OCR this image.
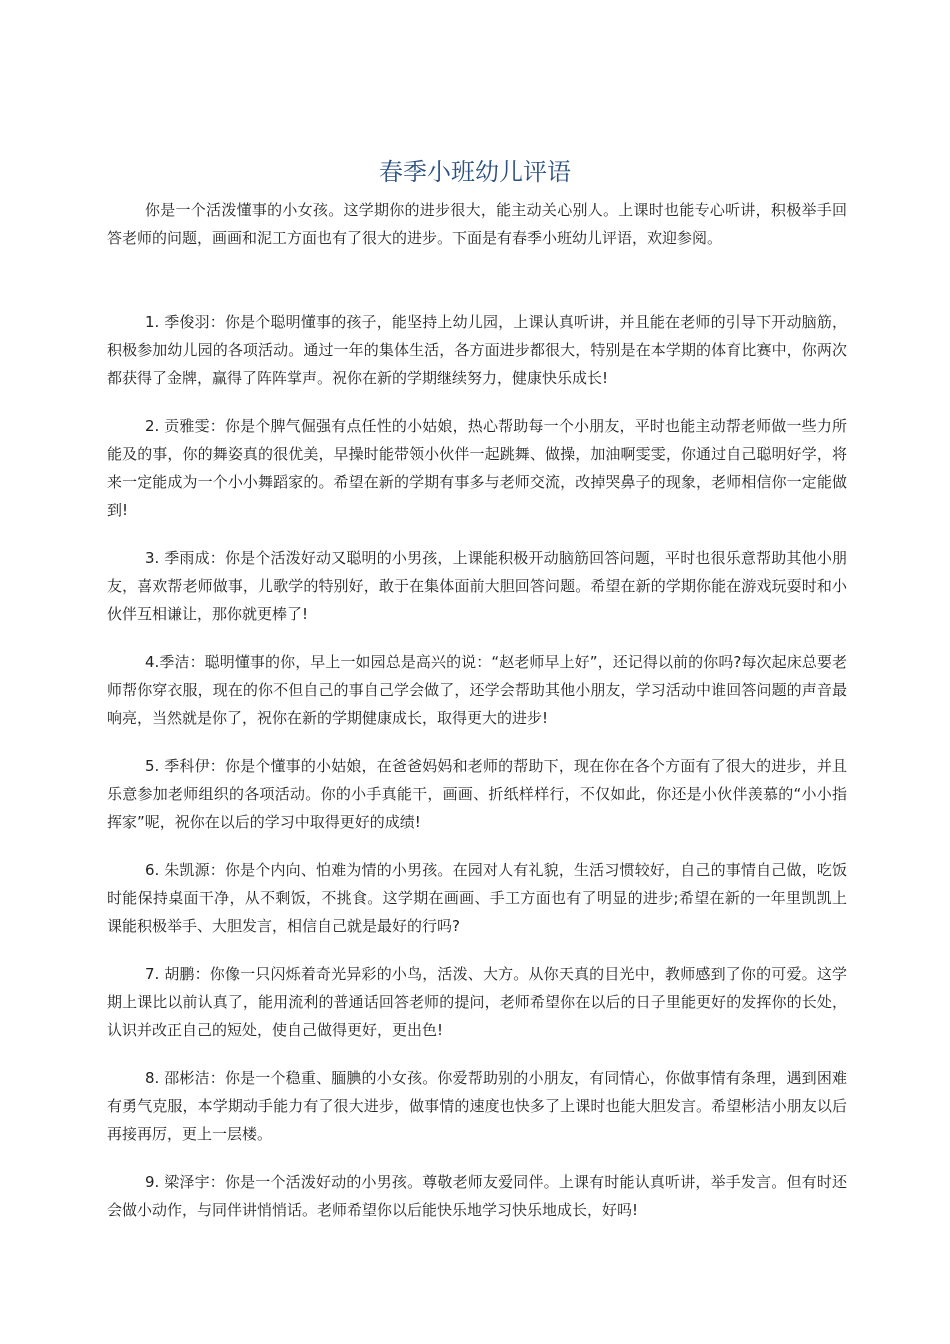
春季小班幼儿评语

你是一个活泼懂事的小女孩。这学期你的进步很大，能主动关心别人。上课时也能专心听讲，积极举手回答老师的问题，画画和泥工方面也有了很大的进步。下面是有春季小班幼儿评语，欢迎参阅。

1. 季俊羽：你是个聪明懂事的孩子，能坚持上幼儿园，上课认真听讲，并且能在老师的引导下开动脑筋，积极参加幼儿园的各项活动。通过一年的集体生活，各方面进步都很大，特别是在本学期的体育比赛中，你两次都获得了金牌，赢得了阵阵掌声。祝你在新的学期继续努力，健康快乐成长!

2. 贡雅雯：你是个脾气倔强有点任性的小姑娘，热心帮助每一个小朋友，平时也能主动帮老师做一些力所能及的事，你的舞姿真的很优美，早操时能带领小伙伴一起跳舞、做操，加油啊雯雯，你通过自己聪明好学，将来一定能成为一个小小舞蹈家的。希望在新的学期有事多与老师交流，改掉哭鼻子的现象，老师相信你一定能做到!

3. 季雨成：你是个活泼好动又聪明的小男孩，上课能积极开动脑筋回答问题，平时也很乐意帮助其他小朋友，喜欢帮老师做事，儿歌学的特别好，敢于在集体面前大胆回答问题。希望在新的学期你能在游戏玩耍时和小伙伴互相谦让，那你就更棒了!

4.季洁：聪明懂事的你，早上一如园总是高兴的说：“赵老师早上好”，还记得以前的你吗?每次起床总要老师帮你穿衣服，现在的你不但自己的事自己学会做了，还学会帮助其他小朋友，学习活动中谁回答问题的声音最响亮，当然就是你了，祝你在新的学期健康成长，取得更大的进步!

5. 季科伊：你是个懂事的小姑娘，在爸爸妈妈和老师的帮助下，现在你在各个方面有了很大的进步，并且乐意参加老师组织的各项活动。你的小手真能干，画画、折纸样样行，不仅如此，你还是小伙伴羡慕的“小小指挥家”呢，祝你在以后的学习中取得更好的成绩!

6. 朱凯源：你是个内向、怕难为情的小男孩。在园对人有礼貌，生活习惯较好，自己的事情自己做，吃饭时能保持桌面干净，从不剩饭，不挑食。这学期在画画、手工方面也有了明显的进步;希望在新的一年里凯凯上课能积极举手、大胆发言，相信自己就是最好的行吗?

7. 胡鹏：你像一只闪烁着奇光异彩的小鸟，活泼、大方。从你天真的目光中，教师感到了你的可爱。这学期上课比以前认真了，能用流利的普通话回答老师的提问，老师希望你在以后的日子里能更好的发挥你的长处，认识并改正自己的短处，使自己做得更好，更出色!

8. 邵彬洁：你是一个稳重、腼腆的小女孩。你爱帮助别的小朋友，有同情心，你做事情有条理，遇到困难有勇气克服，本学期动手能力有了很大进步，做事情的速度也快多了上课时也能大胆发言。希望彬洁小朋友以后再接再厉，更上一层楼。

9. 梁泽宇：你是一个活泼好动的小男孩。尊敬老师友爱同伴。上课有时能认真听讲，举手发言。但有时还会做小动作，与同伴讲悄悄话。老师希望你以后能快乐地学习快乐地成长，好吗!
